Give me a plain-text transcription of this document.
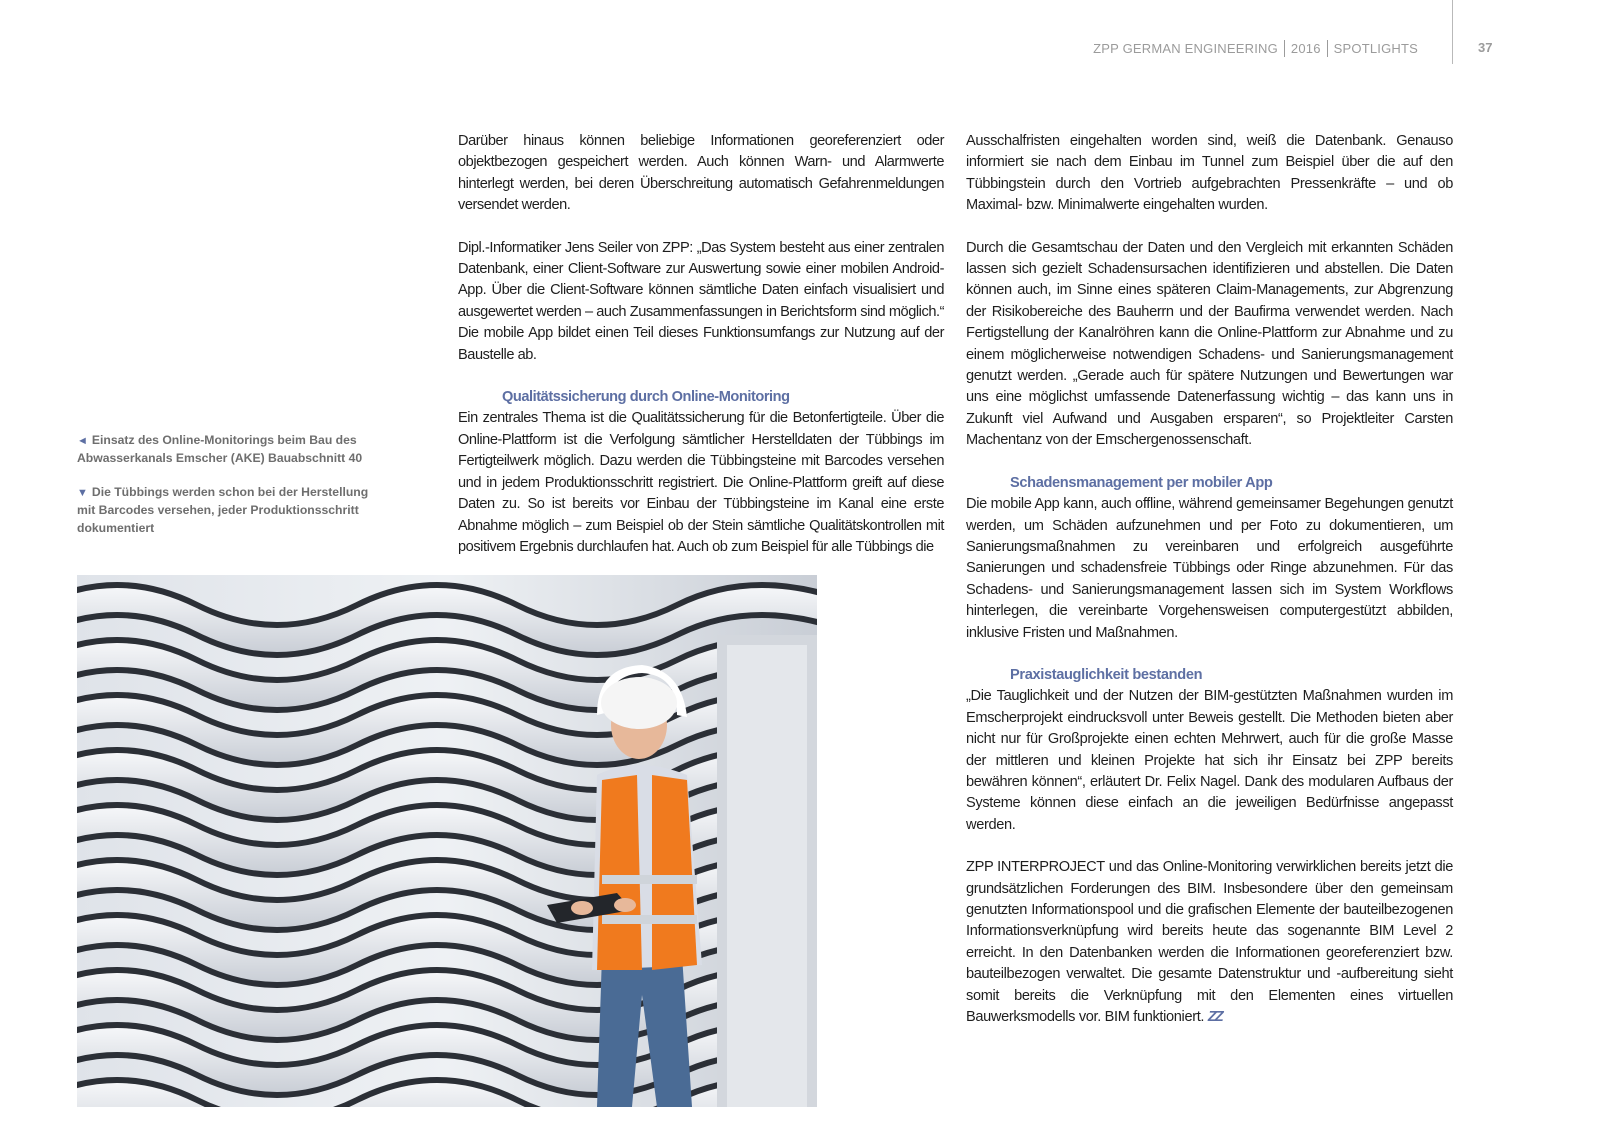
ZPP GERMAN ENGINEERING 2016 SPOTLIGHTS	37

◄ Einsatz des Online-Monitorings beim Bau des Abwasserkanals Emscher (AKE) Bauabschnitt 40

▼ Die Tübbings werden schon bei der Herstellung mit Barcodes versehen, jeder Produktionsschritt dokumentiert

Darüber hinaus können beliebige Informationen georeferenziert oder objektbezogen gespeichert werden. Auch können Warn- und Alarmwerte hinterlegt werden, bei deren Überschreitung automatisch Gefahrenmeldungen versendet werden.

Dipl.-Informatiker Jens Seiler von ZPP: „Das System besteht aus einer zentralen Datenbank, einer Client-Software zur Auswertung sowie einer mobilen Android-App. Über die Client-Software können sämtliche Daten einfach visualisiert und ausgewertet werden – auch Zusammenfassungen in Berichtsform sind möglich.“ Die mobile App bildet einen Teil dieses Funktionsumfangs zur Nutzung auf der Baustelle ab.

Qualitätssicherung durch Online-Monitoring

Ein zentrales Thema ist die Qualitätssicherung für die Betonfertigteile. Über die Online-Plattform ist die Verfolgung sämtlicher Herstelldaten der Tübbings im Fertigteilwerk möglich. Dazu werden die Tübbingsteine mit Barcodes versehen und in jedem Produktionsschritt registriert. Die Online-Plattform greift auf diese Daten zu. So ist bereits vor Einbau der Tübbingsteine im Kanal eine erste Abnahme möglich – zum Beispiel ob der Stein sämtliche Qualitätskontrollen mit positivem Ergebnis durchlaufen hat. Auch ob zum Beispiel für alle Tübbings die

Ausschalfristen eingehalten worden sind, weiß die Datenbank. Genauso informiert sie nach dem Einbau im Tunnel zum Beispiel über die auf den Tübbingstein durch den Vortrieb aufgebrachten Pressenkräfte – und ob Maximal- bzw. Minimalwerte eingehalten wurden.

Durch die Gesamtschau der Daten und den Vergleich mit erkannten Schäden lassen sich gezielt Schadensursachen identifizieren und abstellen. Die Daten können auch, im Sinne eines späteren Claim-Managements, zur Abgrenzung der Risikobereiche des Bauherrn und der Baufirma verwendet werden. Nach Fertigstellung der Kanalröhren kann die Online-Plattform zur Abnahme und zu einem möglicherweise notwendigen Schadens- und Sanierungsmanagement genutzt werden. „Gerade auch für spätere Nutzungen und Bewertungen war uns eine möglichst umfassende Datenerfassung wichtig – das kann uns in Zukunft viel Aufwand und Ausgaben ersparen“, so Projektleiter Carsten Machentanz von der Emschergenossenschaft.

Schadensmanagement per mobiler App

Die mobile App kann, auch offline, während gemeinsamer Begehungen genutzt werden, um Schäden aufzunehmen und per Foto zu dokumentieren, um Sanierungsmaßnahmen zu vereinbaren und erfolgreich ausgeführte Sanierungen und schadensfreie Tübbings oder Ringe abzunehmen. Für das Schadens- und Sanierungsmanagement lassen sich im System Workflows hinterlegen, die vereinbarte Vorgehensweisen computergestützt abbilden, inklusive Fristen und Maßnahmen.

Praxistauglichkeit bestanden

„Die Tauglichkeit und der Nutzen der BIM-gestützten Maßnahmen wurden im Emscherprojekt eindrucksvoll unter Beweis gestellt. Die Methoden bieten aber nicht nur für Großprojekte einen echten Mehrwert, auch für die große Masse der mittleren und kleinen Projekte hat sich ihr Einsatz bei ZPP bereits bewähren können“, erläutert Dr. Felix Nagel. Dank des modularen Aufbaus der Systeme können diese einfach an die jeweiligen Bedürfnisse angepasst werden.

ZPP INTERPROJECT und das Online-Monitoring verwirklichen bereits jetzt die grundsätzlichen Forderungen des BIM. Insbesondere über den gemeinsam genutzten Informationspool und die grafischen Elemente der bauteilbezogenen Informationsverknüpfung wird bereits heute das sogenannte BIM Level 2 erreicht. In den Datenbanken werden die Informationen georeferenziert bzw. bauteilbezogen verwaltet. Die gesamte Datenstruktur und -aufbereitung sieht somit bereits die Verknüpfung mit den Elementen eines virtuellen Bauwerksmodells vor. BIM funktioniert. ZZ
